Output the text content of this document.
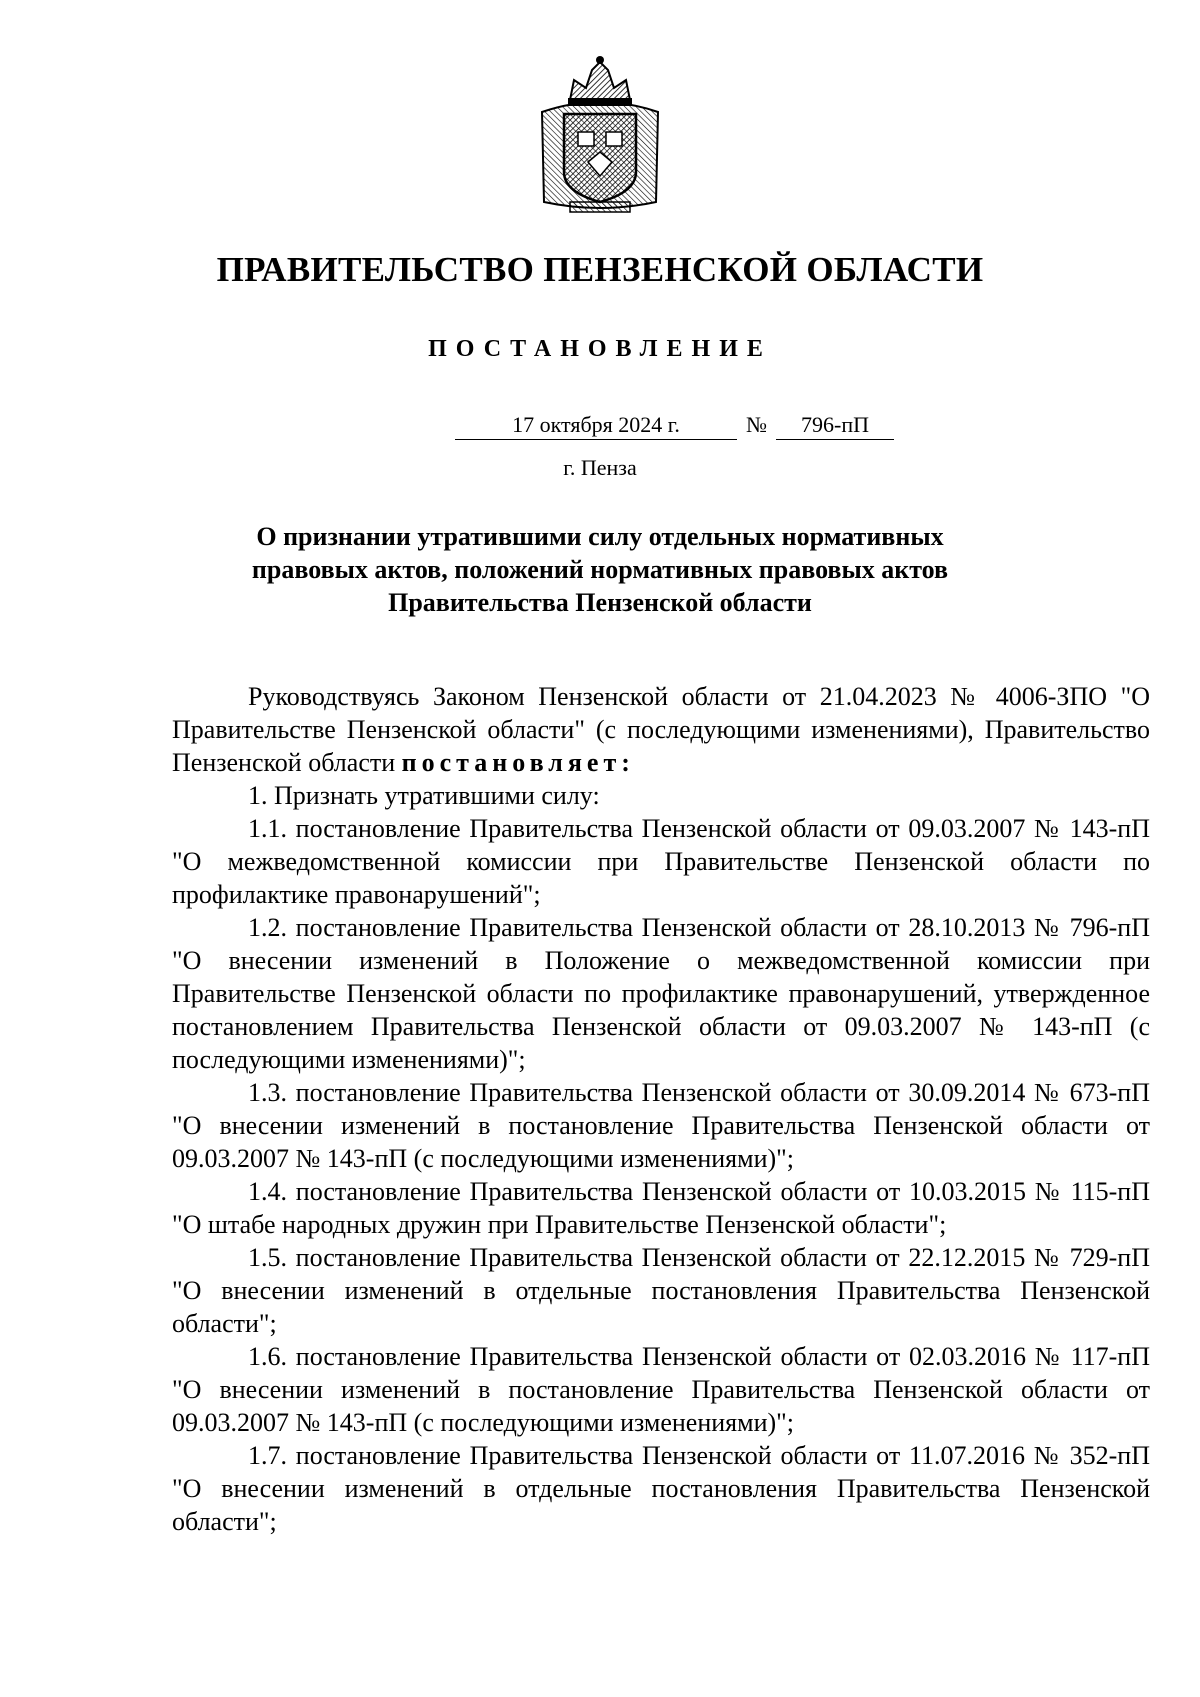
ПРАВИТЕЛЬСТВО ПЕНЗЕНСКОЙ ОБЛАСТИ
ПОСТАНОВЛЕНИЕ
17 октября 2024 г.	№	796-пП
г. Пенза
О признании утратившими силу отдельных нормативных
правовых актов, положений нормативных правовых актов
Правительства Пензенской области

Руководствуясь Законом Пензенской области от 21.04.2023 № 4006-ЗПО "О Правительстве Пензенской области" (с последующими изменениями), Правительство Пензенской области постановляет:

1. Признать утратившими силу:

1.1. постановление Правительства Пензенской области от 09.03.2007 № 143-пП "О межведомственной комиссии при Правительстве Пензенской области по профилактике правонарушений";

1.2. постановление Правительства Пензенской области от 28.10.2013 № 796-пП "О внесении изменений в Положение о межведомственной комиссии при Правительстве Пензенской области по профилактике правонарушений, утвержденное постановлением Правительства Пензенской области от 09.03.2007 № 143-пП (с последующими изменениями)";

1.3. постановление Правительства Пензенской области от 30.09.2014 № 673-пП "О внесении изменений в постановление Правительства Пензенской области от 09.03.2007 № 143-пП (с последующими изменениями)";

1.4. постановление Правительства Пензенской области от 10.03.2015 № 115-пП "О штабе народных дружин при Правительстве Пензенской области";

1.5. постановление Правительства Пензенской области от 22.12.2015 № 729-пП "О внесении изменений в отдельные постановления Правительства Пензенской области";

1.6. постановление Правительства Пензенской области от 02.03.2016 № 117-пП "О внесении изменений в постановление Правительства Пензенской области от 09.03.2007 № 143-пП (с последующими изменениями)";

1.7. постановление Правительства Пензенской области от 11.07.2016 № 352-пП "О внесении изменений в отдельные постановления Правительства Пензенской области";
